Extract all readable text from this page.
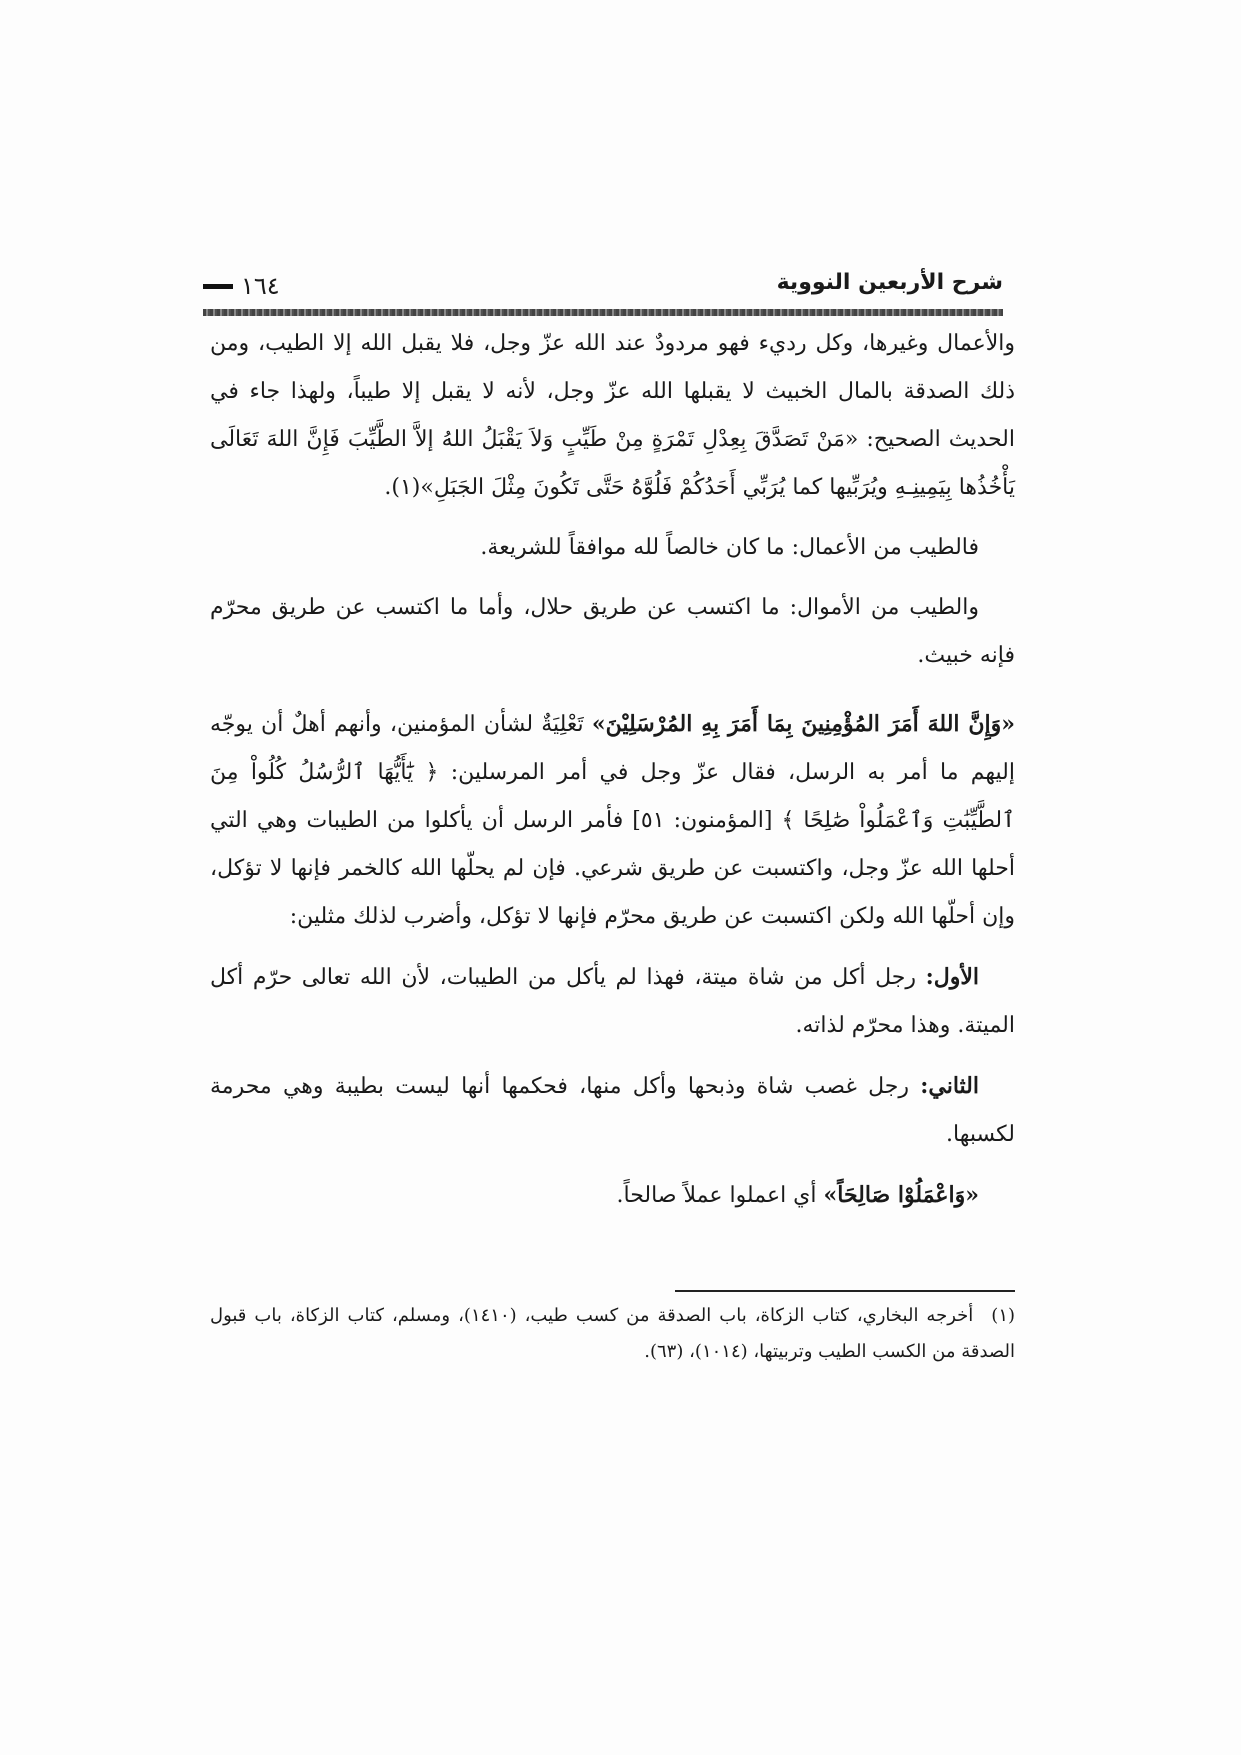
شرح الأربعين النووية
١٦٤

والأعمال وغيرها، وكل رديء فهو مردودٌ عند الله عزّ وجل، فلا يقبل الله إلا الطيب، ومن ذلك الصدقة بالمال الخبيث لا يقبلها الله عزّ وجل، لأنه لا يقبل إلا طيباً، ولهذا جاء في الحديث الصحيح: «مَنْ تَصَدَّقَ بِعِدْلِ تَمْرَةٍ مِنْ طَيِّبٍ وَلاَ يَقْبَلُ اللهُ إلاَّ الطَّيِّبَ فَإِنَّ اللهَ تَعَالَى يَأْخُذُها بِيَمِينِـهِ ويُرَبِّيها كما يُرَبِّي أَحَدُكُمْ فَلُوَّهُ حَتَّى تَكُونَ مِثْلَ الجَبَلِ»(١).

فالطيب من الأعمال: ما كان خالصاً لله موافقاً للشريعة.

والطيب من الأموال: ما اكتسب عن طريق حلال، وأما ما اكتسب عن طريق محرّم فإنه خبيث.

«وَإِنَّ اللهَ أَمَرَ المُؤْمِنِينَ بِمَا أَمَرَ بِهِ المُرْسَلِيْنَ» تَعْلِيَةٌ لشأن المؤمنين، وأنهم أهلٌ أن يوجّه إليهم ما أمر به الرسل، فقال عزّ وجل في أمر المرسلين: ﴿ يَٰٓأَيُّهَا ٱلرُّسُلُ كُلُواْ مِنَ ٱلطَّيِّبَٰتِ وَٱعْمَلُواْ صَٰلِحًا ﴾ [المؤمنون: ٥١] فأمر الرسل أن يأكلوا من الطيبات وهي التي أحلها الله عزّ وجل، واكتسبت عن طريق شرعي. فإن لم يحلّها الله كالخمر فإنها لا تؤكل، وإن أحلّها الله ولكن اكتسبت عن طريق محرّم فإنها لا تؤكل، وأضرب لذلك مثلين:

الأول: رجل أكل من شاة ميتة، فهذا لم يأكل من الطيبات، لأن الله تعالى حرّم أكل الميتة. وهذا محرّم لذاته.

الثاني: رجل غصب شاة وذبحها وأكل منها، فحكمها أنها ليست بطيبة وهي محرمة لكسبها.

«وَاعْمَلُوْا صَالِحَاً» أي اعملوا عملاً صالحاً.

(١)أخرجه البخاري، كتاب الزكاة، باب الصدقة من كسب طيب، (١٤١٠)، ومسلم، كتاب الزكاة، باب قبول الصدقة من الكسب الطيب وتربيتها، (١٠١٤)، (٦٣).
